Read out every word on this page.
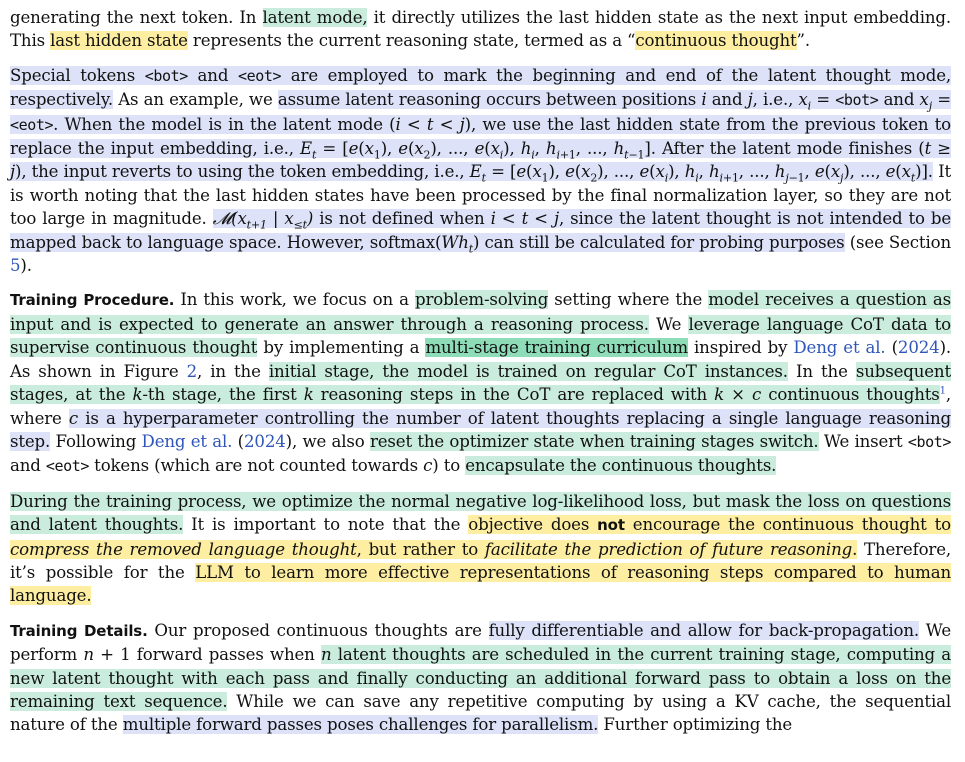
generating the next token. In latent mode, it directly utilizes the last hidden state as the next input embedding. This last hidden state represents the current reasoning state, termed as a “continuous thought”.

Special tokens <bot> and <eot> are employed to mark the beginning and end of the latent thought mode, respectively. As an example, we assume latent reasoning occurs between positions i and j, i.e., $x_i = <bot>$ and $x_j = <eot>$. When the model is in the latent mode (i < t < j), we use the last hidden state from the previous token to replace the input embedding, i.e., $E_t = [e(x_1)$, $e(x_2)$, ..., $e(x_i)$, $h_i$, $h_{i+1}$, ..., $h_{t-1}$]. After the latent mode finishes (t ≥ j), the input reverts to using the token embedding, i.e., $E_t = [e(x_1)$, $e(x_2)$, ..., $e(x_i)$, $h_i$, $h_{i+1}$, ..., $h_{j-1}$, $e(x_j)$, ..., $e(x_t)$]. It is worth noting that the last hidden states have been processed by the final normalization layer, so they are not too large in magnitude. $𝓜(x_{t+1}$ | $x_{\le t}$) is not defined when i < t < j, since the latent thought is not intended to be mapped back to language space. However, $softmax(Wh_t)$ can still be calculated for probing purposes (see Section 5).

Training Procedure. In this work, we focus on a problem-solving setting where the model receives a question as input and is expected to generate an answer through a reasoning process. We leverage language CoT data to supervise continuous thought by implementing a multi-stage training curriculum inspired by Deng et al. (2024). As shown in Figure 2, in the initial stage, the model is trained on regular CoT instances. In the subsequent stages, at the k-th stage, the first k reasoning steps in the CoT are replaced with k × c continuous thoughts$^1$, where c is a hyperparameter controlling the number of latent thoughts replacing a single language reasoning step. Following Deng et al. (2024), we also reset the optimizer state when training stages switch. We insert <bot> and <eot> tokens (which are not counted towards c) to encapsulate the continuous thoughts.

During the training process, we optimize the normal negative log-likelihood loss, but mask the loss on questions and latent thoughts. It is important to note that the objective does not encourage the continuous thought to compress the removed language thought, but rather to facilitate the prediction of future reasoning. Therefore, it’s possible for the LLM to learn more effective representations of reasoning steps compared to human language.

Training Details. Our proposed continuous thoughts are fully differentiable and allow for back-propagation. We perform n + 1 forward passes when n latent thoughts are scheduled in the current training stage, computing a new latent thought with each pass and finally conducting an additional forward pass to obtain a loss on the remaining text sequence. While we can save any repetitive computing by using a KV cache, the sequential nature of the multiple forward passes poses challenges for parallelism. Further optimizing the
